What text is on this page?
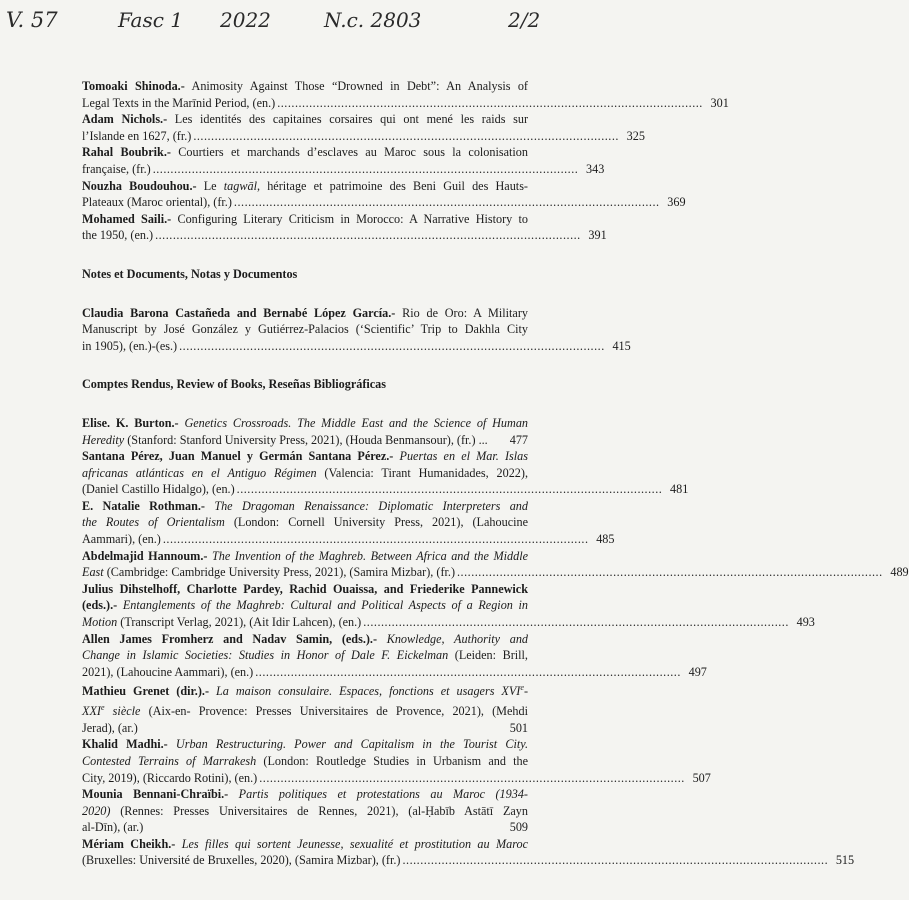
V. 57	Fasc 1 2022	N.c. 2803	2/2
Tomoaki Shinoda.- Animosity Against Those “Drowned in Debt”: An Analysis of
Legal Texts in the Marīnid Period, (en.) ........................................................................................................................ 301
Adam Nichols.- Les identités des capitaines corsaires qui ont mené les raids sur
l’Islande en 1627, (fr.) ........................................................................................................................ 325
Rahal Boubrik.- Courtiers et marchands d’esclaves au Maroc sous la colonisation
française, (fr.) ........................................................................................................................ 343
Nouzha Boudouhou.- Le tagwāl, héritage et patrimoine des Beni Guil des Hauts-
Plateaux (Maroc oriental), (fr.) ........................................................................................................................ 369
Mohamed Saili.- Configuring Literary Criticism in Morocco: A Narrative History to
the 1950, (en.) ........................................................................................................................ 391
Notes et Documents, Notas y Documentos
Claudia Barona Castañeda and Bernabé López García.- Rio de Oro: A Military
Manuscript by José González y Gutiérrez-Palacios (‘Scientific’ Trip to Dakhla City
in 1905), (en.)-(es.) ........................................................................................................................ 415
Comptes Rendus, Review of Books, Reseñas Bibliográficas
Elise. K. Burton.- Genetics Crossroads. The Middle East and the Science of Human
Heredity (Stanford: Stanford University Press, 2021), (Houda Benmansour), (fr.) ...	477
Santana Pérez, Juan Manuel y Germán Santana Pérez.- Puertas en el Mar. Islas
africanas atlánticas en el Antiguo Régimen (Valencia: Tirant Humanidades, 2022),
(Daniel Castillo Hidalgo), (en.) ........................................................................................................................ 481
E. Natalie Rothman.- The Dragoman Renaissance: Diplomatic Interpreters and
the Routes of Orientalism (London: Cornell University Press, 2021), (Lahoucine
Aammari), (en.) ........................................................................................................................ 485
Abdelmajid Hannoum.- The Invention of the Maghreb. Between Africa and the Middle
East (Cambridge: Cambridge University Press, 2021), (Samira Mizbar), (fr.) ........................................................................................................................ 489
Julius Dihstelhoff, Charlotte Pardey, Rachid Ouaissa, and Friederike Pannewick
(eds.).- Entanglements of the Maghreb: Cultural and Political Aspects of a Region in
Motion (Transcript Verlag, 2021), (Ait Idir Lahcen), (en.) ........................................................................................................................ 493
Allen James Fromherz and Nadav Samin, (eds.).- Knowledge, Authority and
Change in Islamic Societies: Studies in Honor of Dale F. Eickelman (Leiden: Brill,
2021), (Lahoucine Aammari), (en.) ........................................................................................................................ 497
Mathieu Grenet (dir.).- La maison consulaire. Espaces, fonctions et usagers XVIe-
XXIe siècle (Aix-en- Provence: Presses Universitaires de Provence, 2021), (Mehdi
Jerad), (ar.)	501
Khalid Madhi.- Urban Restructuring. Power and Capitalism in the Tourist City.
Contested Terrains of Marrakesh (London: Routledge Studies in Urbanism and the
City, 2019), (Riccardo Rotini), (en.) ........................................................................................................................ 507
Mounia Bennani-Chraïbi.- Partis politiques et protestations au Maroc (1934-
2020) (Rennes: Presses Universitaires de Rennes, 2021), (al-Ḥabīb Astātī Zayn
al-Dīn), (ar.)	509
Mériam Cheikh.- Les filles qui sortent Jeunesse, sexualité et prostitution au Maroc
(Bruxelles: Université de Bruxelles, 2020), (Samira Mizbar), (fr.) ........................................................................................................................ 515
